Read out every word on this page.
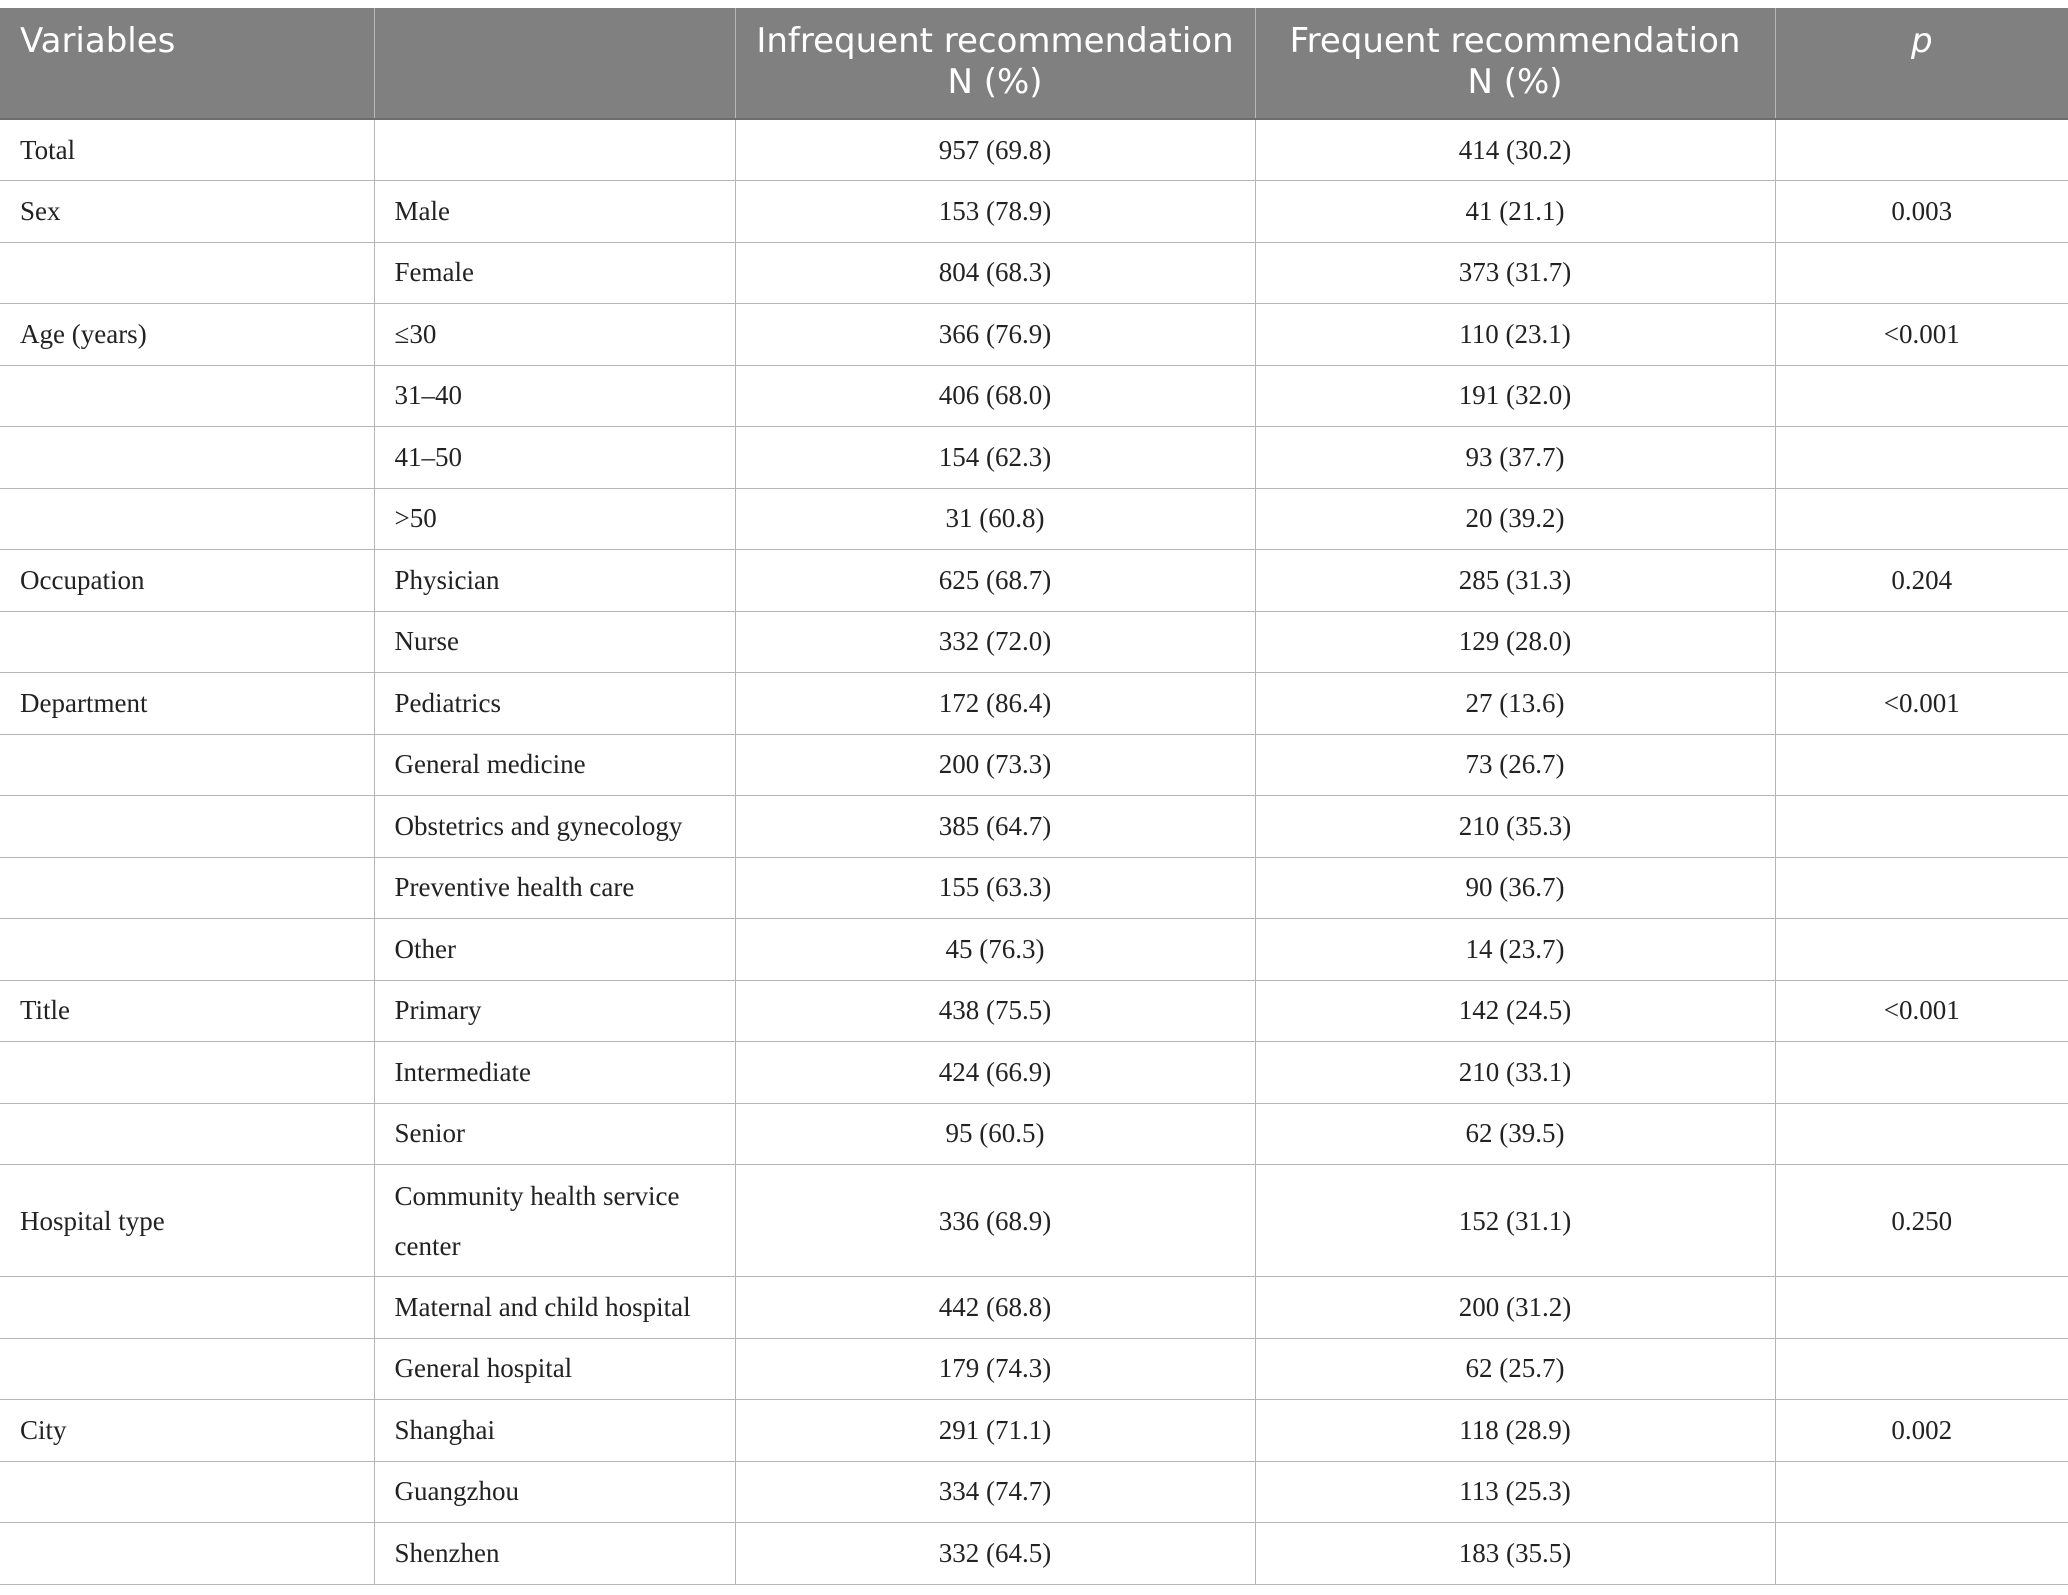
Variables		Infrequent recommendation N (%)	Frequent recommendation N (%)	p
Total		957 (69.8)	414 (30.2)	
Sex	Male	153 (78.9)	41 (21.1)	0.003
	Female	804 (68.3)	373 (31.7)	
Age (years)	≤30	366 (76.9)	110 (23.1)	<0.001
	31–40	406 (68.0)	191 (32.0)	
	41–50	154 (62.3)	93 (37.7)	
	>50	31 (60.8)	20 (39.2)	
Occupation	Physician	625 (68.7)	285 (31.3)	0.204
	Nurse	332 (72.0)	129 (28.0)	
Department	Pediatrics	172 (86.4)	27 (13.6)	<0.001
	General medicine	200 (73.3)	73 (26.7)	
	Obstetrics and gynecology	385 (64.7)	210 (35.3)	
	Preventive health care	155 (63.3)	90 (36.7)	
	Other	45 (76.3)	14 (23.7)	
Title	Primary	438 (75.5)	142 (24.5)	<0.001
	Intermediate	424 (66.9)	210 (33.1)	
	Senior	95 (60.5)	62 (39.5)	
Hospital type	Community health service center	336 (68.9)	152 (31.1)	0.250
	Maternal and child hospital	442 (68.8)	200 (31.2)	
	General hospital	179 (74.3)	62 (25.7)	
City	Shanghai	291 (71.1)	118 (28.9)	0.002
	Guangzhou	334 (74.7)	113 (25.3)	
	Shenzhen	332 (64.5)	183 (35.5)	
